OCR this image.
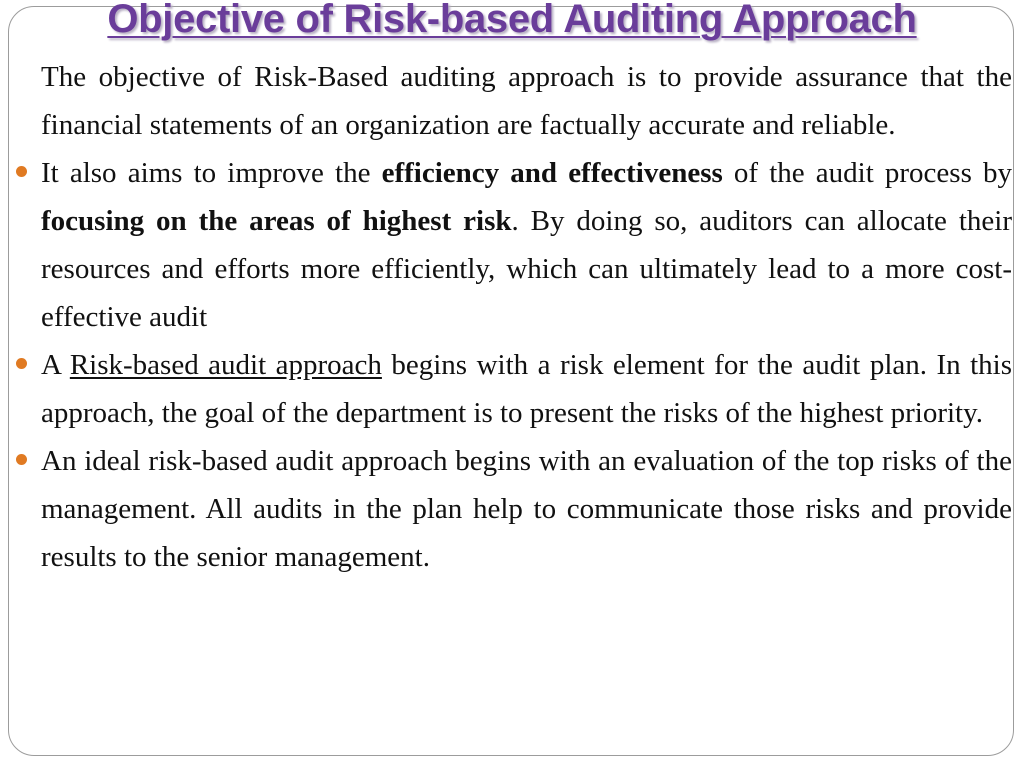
Objective of Risk-based Auditing Approach

The objective of Risk-Based auditing approach is to provide assurance that the financial statements of an organization are factually accurate and reliable.

It also aims to improve the efficiency and effectiveness of the audit process by focusing on the areas of highest risk. By doing so, auditors can allocate their resources and efforts more efficiently, which can ultimately lead to a more cost-effective audit

A Risk-based audit approach begins with a risk element for the audit plan. In this approach, the goal of the department is to present the risks of the highest priority.

An ideal risk-based audit approach begins with an evaluation of the top risks of the management. All audits in the plan help to communicate those risks and provide results to the senior management.
